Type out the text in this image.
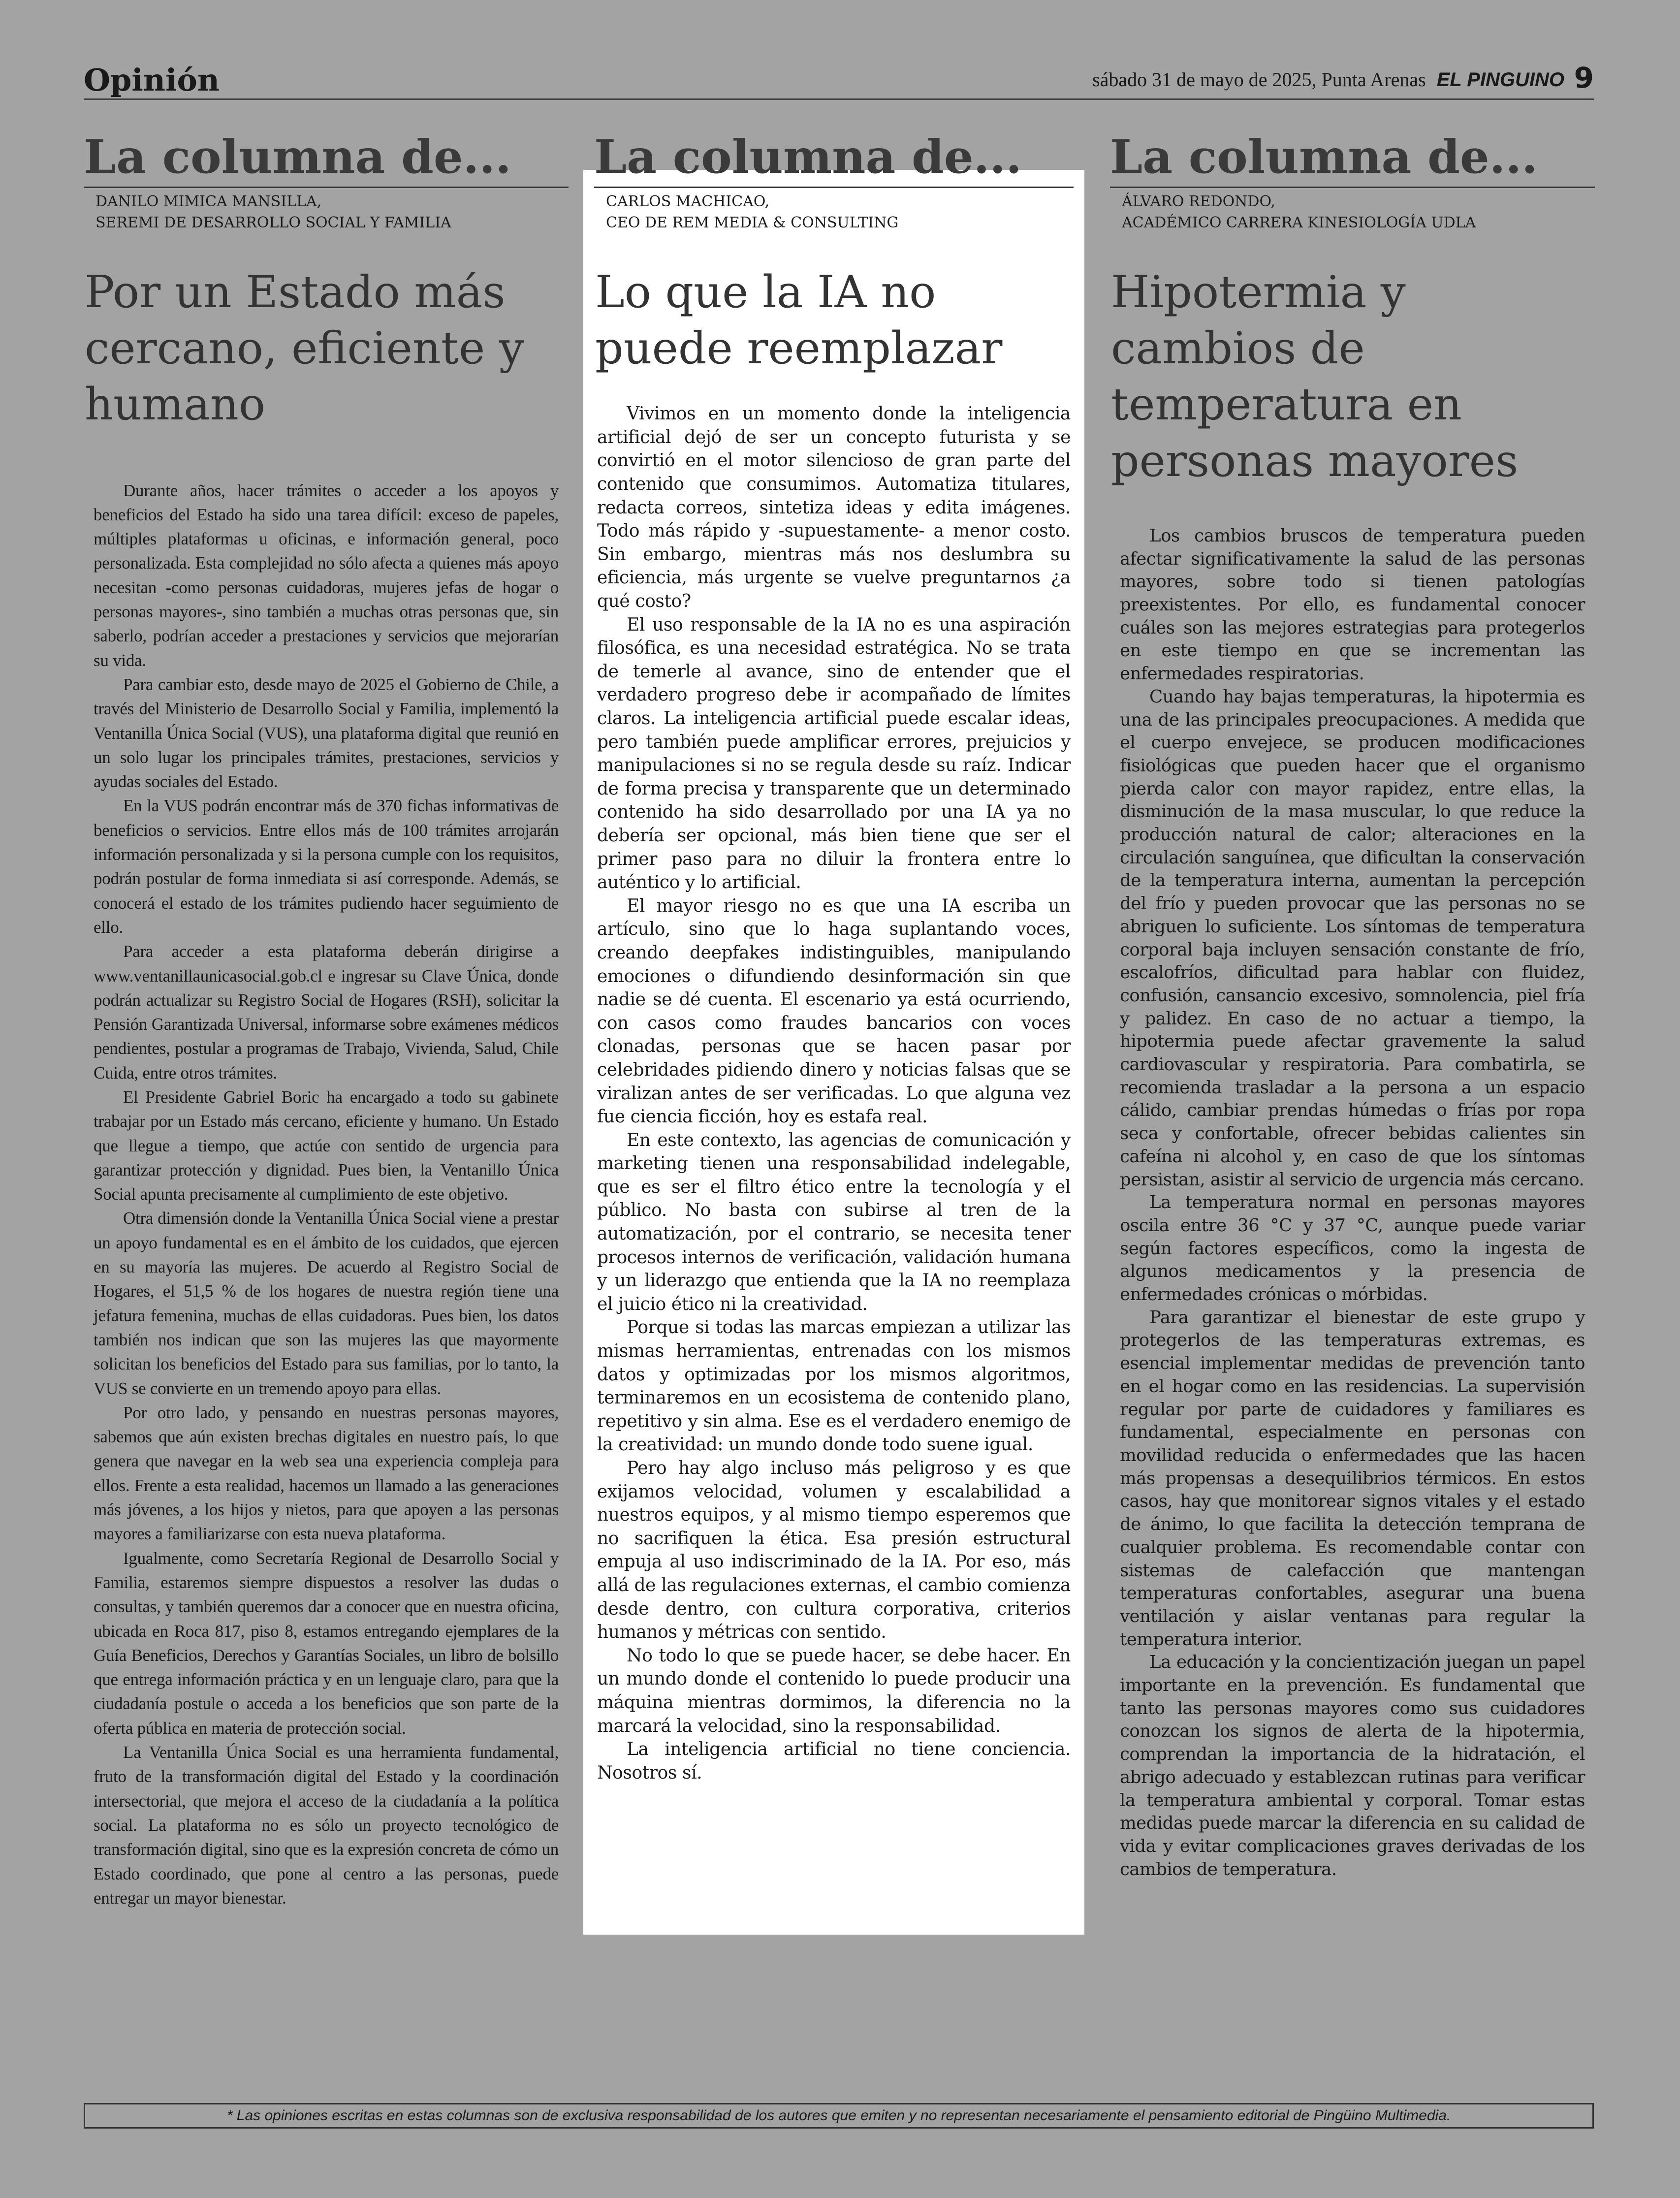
Opinión	sábado 31 de mayo de 2025, Punta Arenas EL PINGUINO 9
La columna de...
DANILO MIMICA MANSILLA,
SEREMI DE DESARROLLO SOCIAL Y FAMILIA
Por un Estado más cercano, eficiente y humano

Durante años, hacer trámites o acceder a los apoyos y beneficios del Estado ha sido una tarea difícil: exceso de papeles, múltiples plataformas u oficinas, e información general, poco personalizada. Esta complejidad no sólo afecta a quienes más apoyo necesitan -como personas cuidadoras, mujeres jefas de hogar o personas mayores-, sino también a muchas otras personas que, sin saberlo, podrían acceder a prestaciones y servicios que mejorarían su vida.

Para cambiar esto, desde mayo de 2025 el Gobierno de Chile, a través del Ministerio de Desarrollo Social y Familia, implementó la Ventanilla Única Social (VUS), una plataforma digital que reunió en un solo lugar los principales trámites, prestaciones, servicios y ayudas sociales del Estado.

En la VUS podrán encontrar más de 370 fichas informativas de beneficios o servicios. Entre ellos más de 100 trámites arrojarán información personalizada y si la persona cumple con los requisitos, podrán postular de forma inmediata si así corresponde. Además, se conocerá el estado de los trámites pudiendo hacer seguimiento de ello.

Para acceder a esta plataforma deberán dirigirse a www.ventanillaunicasocial.gob.cl e ingresar su Clave Única, donde podrán actualizar su Registro Social de Hogares (RSH), solicitar la Pensión Garantizada Universal, informarse sobre exámenes médicos pendientes, postular a programas de Trabajo, Vivienda, Salud, Chile Cuida, entre otros trámites.

El Presidente Gabriel Boric ha encargado a todo su gabinete trabajar por un Estado más cercano, eficiente y humano. Un Estado que llegue a tiempo, que actúe con sentido de urgencia para garantizar protección y dignidad. Pues bien, la Ventanillo Única Social apunta precisamente al cumplimiento de este objetivo.

Otra dimensión donde la Ventanilla Única Social viene a prestar un apoyo fundamental es en el ámbito de los cuidados, que ejercen en su mayoría las mujeres. De acuerdo al Registro Social de Hogares, el 51,5 % de los hogares de nuestra región tiene una jefatura femenina, muchas de ellas cuidadoras. Pues bien, los datos también nos indican que son las mujeres las que mayormente solicitan los beneficios del Estado para sus familias, por lo tanto, la VUS se convierte en un tremendo apoyo para ellas.

Por otro lado, y pensando en nuestras personas mayores, sabemos que aún existen brechas digitales en nuestro país, lo que genera que navegar en la web sea una experiencia compleja para ellos. Frente a esta realidad, hacemos un llamado a las generaciones más jóvenes, a los hijos y nietos, para que apoyen a las personas mayores a familiarizarse con esta nueva plataforma.

Igualmente, como Secretaría Regional de Desarrollo Social y Familia, estaremos siempre dispuestos a resolver las dudas o consultas, y también queremos dar a conocer que en nuestra oficina, ubicada en Roca 817, piso 8, estamos entregando ejemplares de la Guía Beneficios, Derechos y Garantías Sociales, un libro de bolsillo que entrega información práctica y en un lenguaje claro, para que la ciudadanía postule o acceda a los beneficios que son parte de la oferta pública en materia de protección social.

La Ventanilla Única Social es una herramienta fundamental, fruto de la transformación digital del Estado y la coordinación intersectorial, que mejora el acceso de la ciudadanía a la política social. La plataforma no es sólo un proyecto tecnológico de transformación digital, sino que es la expresión concreta de cómo un Estado coordinado, que pone al centro a las personas, puede entregar un mayor bienestar.

La columna de...
CARLOS MACHICAO,
CEO DE REM MEDIA & CONSULTING
Lo que la IA no puede reemplazar

Vivimos en un momento donde la inteligencia artificial dejó de ser un concepto futurista y se convirtió en el motor silencioso de gran parte del contenido que consumimos. Automatiza titulares, redacta correos, sintetiza ideas y edita imágenes. Todo más rápido y -supuestamente- a menor costo. Sin embargo, mientras más nos deslumbra su eficiencia, más urgente se vuelve preguntarnos ¿a qué costo?

El uso responsable de la IA no es una aspiración filosófica, es una necesidad estratégica. No se trata de temerle al avance, sino de entender que el verdadero progreso debe ir acompañado de límites claros. La inteligencia artificial puede escalar ideas, pero también puede amplificar errores, prejuicios y manipulaciones si no se regula desde su raíz. Indicar de forma precisa y transparente que un determinado contenido ha sido desarrollado por una IA ya no debería ser opcional, más bien tiene que ser el primer paso para no diluir la frontera entre lo auténtico y lo artificial.

El mayor riesgo no es que una IA escriba un artículo, sino que lo haga suplantando voces, creando deepfakes indistinguibles, manipulando emociones o difundiendo desinformación sin que nadie se dé cuenta. El escenario ya está ocurriendo, con casos como fraudes bancarios con voces clonadas, personas que se hacen pasar por celebridades pidiendo dinero y noticias falsas que se viralizan antes de ser verificadas. Lo que alguna vez fue ciencia ficción, hoy es estafa real.

En este contexto, las agencias de comunicación y marketing tienen una responsabilidad indelegable, que es ser el filtro ético entre la tecnología y el público. No basta con subirse al tren de la automatización, por el contrario, se necesita tener procesos internos de verificación, validación humana y un liderazgo que entienda que la IA no reemplaza el juicio ético ni la creatividad.

Porque si todas las marcas empiezan a utilizar las mismas herramientas, entrenadas con los mismos datos y optimizadas por los mismos algoritmos, terminaremos en un ecosistema de contenido plano, repetitivo y sin alma. Ese es el verdadero enemigo de la creatividad: un mundo donde todo suene igual.

Pero hay algo incluso más peligroso y es que exijamos velocidad, volumen y escalabilidad a nuestros equipos, y al mismo tiempo esperemos que no sacrifiquen la ética. Esa presión estructural empuja al uso indiscriminado de la IA. Por eso, más allá de las regulaciones externas, el cambio comienza desde dentro, con cultura corporativa, criterios humanos y métricas con sentido.

No todo lo que se puede hacer, se debe hacer. En un mundo donde el contenido lo puede producir una máquina mientras dormimos, la diferencia no la marcará la velocidad, sino la responsabilidad.

La inteligencia artificial no tiene conciencia. Nosotros sí.

La columna de...
ÁLVARO REDONDO,
ACADÉMICO CARRERA KINESIOLOGÍA UDLA
Hipotermia y cambios de temperatura en personas mayores

Los cambios bruscos de temperatura pueden afectar significativamente la salud de las personas mayores, sobre todo si tienen patologías preexistentes. Por ello, es fundamental conocer cuáles son las mejores estrategias para protegerlos en este tiempo en que se incrementan las enfermedades respiratorias.

Cuando hay bajas temperaturas, la hipotermia es una de las principales preocupaciones. A medida que el cuerpo envejece, se producen modificaciones fisiológicas que pueden hacer que el organismo pierda calor con mayor rapidez, entre ellas, la disminución de la masa muscular, lo que reduce la producción natural de calor; alteraciones en la circulación sanguínea, que dificultan la conservación de la temperatura interna, aumentan la percepción del frío y pueden provocar que las personas no se abriguen lo suficiente. Los síntomas de temperatura corporal baja incluyen sensación constante de frío, escalofríos, dificultad para hablar con fluidez, confusión, cansancio excesivo, somnolencia, piel fría y palidez. En caso de no actuar a tiempo, la hipotermia puede afectar gravemente la salud cardiovascular y respiratoria. Para combatirla, se recomienda trasladar a la persona a un espacio cálido, cambiar prendas húmedas o frías por ropa seca y confortable, ofrecer bebidas calientes sin cafeína ni alcohol y, en caso de que los síntomas persistan, asistir al servicio de urgencia más cercano.

La temperatura normal en personas mayores oscila entre 36 °C y 37 °C, aunque puede variar según factores específicos, como la ingesta de algunos medicamentos y la presencia de enfermedades crónicas o mórbidas.

Para garantizar el bienestar de este grupo y protegerlos de las temperaturas extremas, es esencial implementar medidas de prevención tanto en el hogar como en las residencias. La supervisión regular por parte de cuidadores y familiares es fundamental, especialmente en personas con movilidad reducida o enfermedades que las hacen más propensas a desequilibrios térmicos. En estos casos, hay que monitorear signos vitales y el estado de ánimo, lo que facilita la detección temprana de cualquier problema. Es recomendable contar con sistemas de calefacción que mantengan temperaturas confortables, asegurar una buena ventilación y aislar ventanas para regular la temperatura interior.

La educación y la concientización juegan un papel importante en la prevención. Es fundamental que tanto las personas mayores como sus cuidadores conozcan los signos de alerta de la hipotermia, comprendan la importancia de la hidratación, el abrigo adecuado y establezcan rutinas para verificar la temperatura ambiental y corporal. Tomar estas medidas puede marcar la diferencia en su calidad de vida y evitar complicaciones graves derivadas de los cambios de temperatura.

* Las opiniones escritas en estas columnas son de exclusiva responsabilidad de los autores que emiten y no representan necesariamente el pensamiento editorial de Pingüino Multimedia.
